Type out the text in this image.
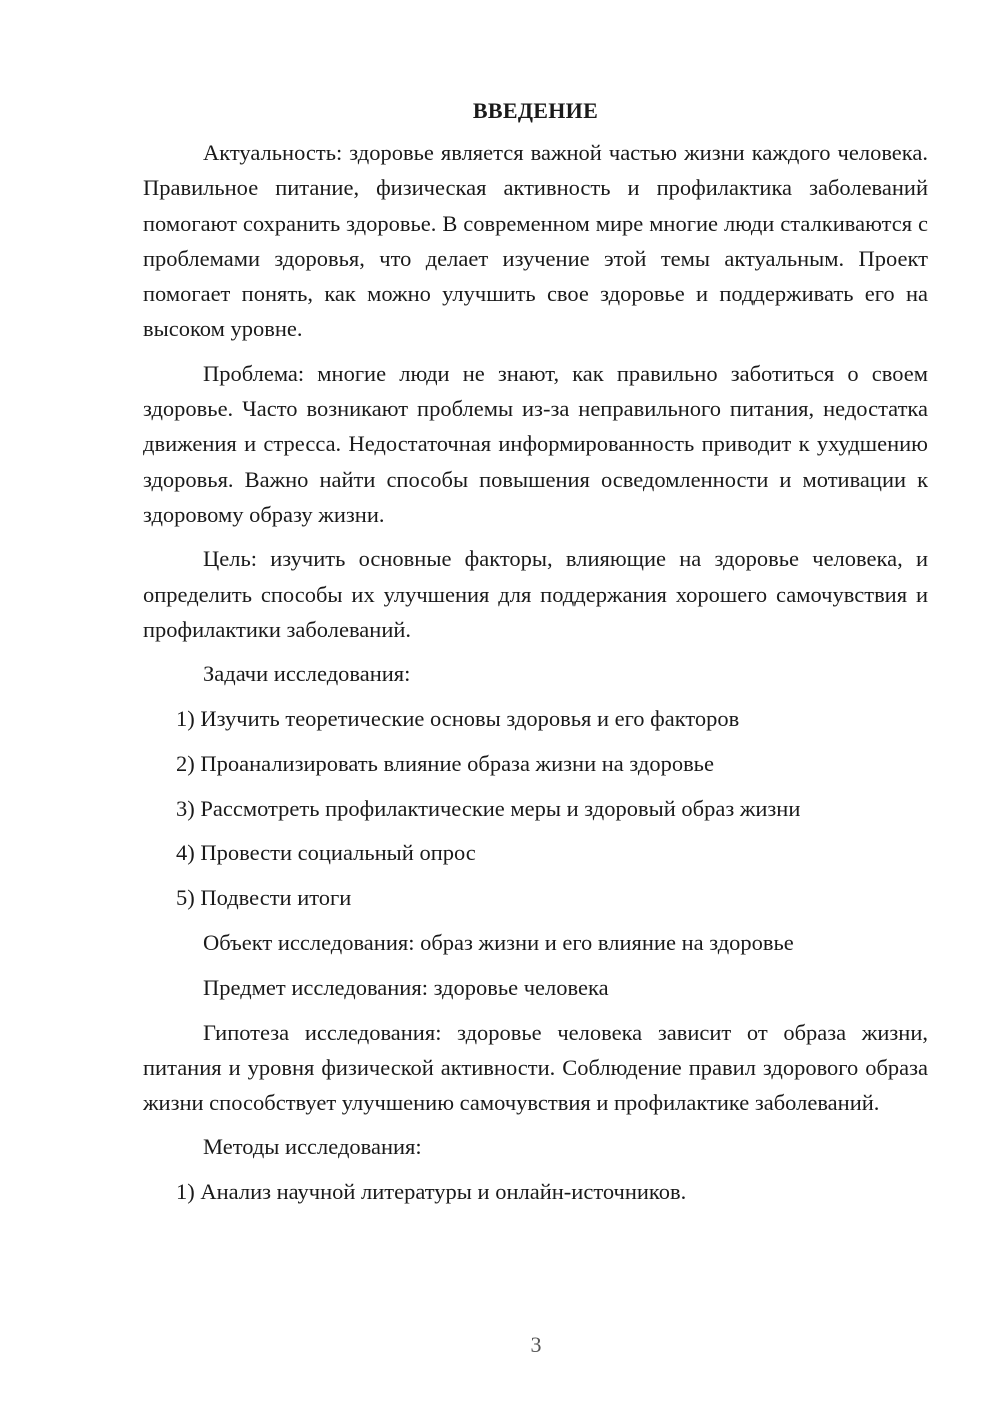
ВВЕДЕНИЕ

Актуальность: здоровье является важной частью жизни каждого человека. Правильное питание, физическая активность и профилактика заболеваний помогают сохранить здоровье. В современном мире многие люди сталкиваются с проблемами здоровья, что делает изучение этой темы актуальным. Проект помогает понять, как можно улучшить свое здоровье и поддерживать его на высоком уровне.

Проблема: многие люди не знают, как правильно заботиться о своем здоровье. Часто возникают проблемы из-за неправильного питания, недостатка движения и стресса. Недостаточная информированность приводит к ухудшению здоровья. Важно найти способы повышения осведомленности и мотивации к здоровому образу жизни.

Цель: изучить основные факторы, влияющие на здоровье человека, и определить способы их улучшения для поддержания хорошего самочувствия и профилактики заболеваний.

Задачи исследования:
1) Изучить теоретические основы здоровья и его факторов
2) Проанализировать влияние образа жизни на здоровье
3) Рассмотреть профилактические меры и здоровый образ жизни
4) Провести социальный опрос
5) Подвести итоги
Объект исследования: образ жизни и его влияние на здоровье
Предмет исследования: здоровье человека

Гипотеза исследования: здоровье человека зависит от образа жизни, питания и уровня физической активности. Соблюдение правил здорового образа жизни способствует улучшению самочувствия и профилактике заболеваний.

Методы исследования:
1) Анализ научной литературы и онлайн-источников.
3
